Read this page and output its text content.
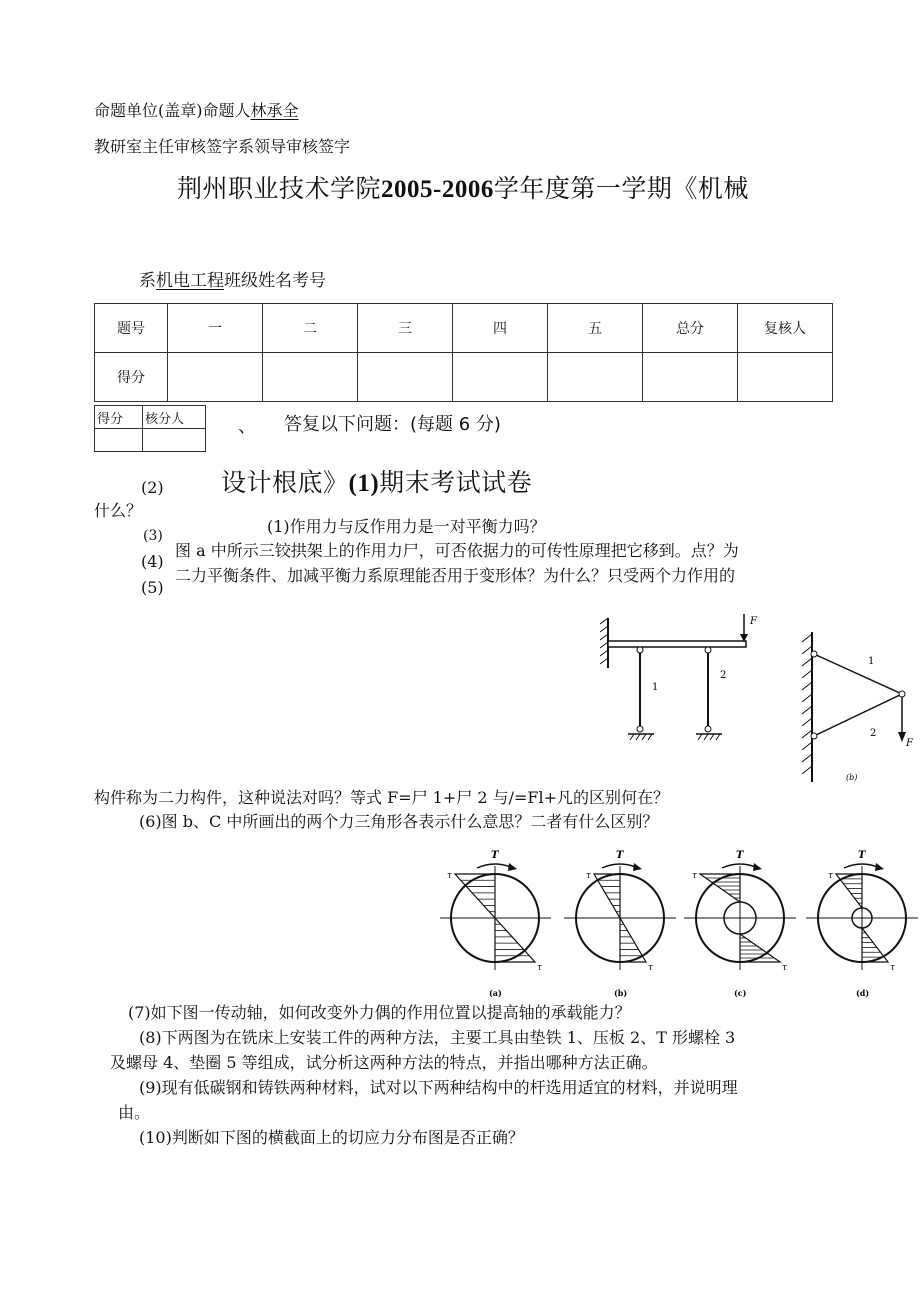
命题单位(盖章)命题人林承全
教研室主任审核签字系领导审核签字
荆州职业技术学院2005-2006学年度第一学期《机械
系机电工程班级姓名考号
题号	一	二	三	四	五	总分	复核人
得分							
得分	核分人
		、 答复以下问题：(每题 6 分)
(2) 设计根底》(1)期末考试试卷
什么？
(1)作用力与反作用力是一对平衡力吗？
(3)
图 a 中所示三铰拱架上的作用力尸，可否依据力的可传性原理把它移到。点？为
(4)
二力平衡条件、加减平衡力系原理能否用于变形体？为什么？只受两个力作用的
(5)
F
1
2
F
1
2
(b)
构件称为二力构件，这种说法对吗？等式 F=尸 1+尸 2 与/=Fl+凡的区别何在？
(6)图 b、C 中所画出的两个力三角形各表示什么意思？二者有什么区别？
T
τ
τ
(a)
T
τ
τ
(b)
T
τ
τ
(c)
T
τ
τ
(d)
(7)如下图一传动轴，如何改变外力偶的作用位置以提高轴的承载能力？
(8)下两图为在铣床上安装工件的两种方法，主要工具由垫铁 1、压板 2、T 形螺栓 3
及螺母 4、垫圈 5 等组成，试分析这两种方法的特点，并指出哪种方法正确。
(9)现有低碳钢和铸铁两种材料，试对以下两种结构中的杆选用适宜的材料，并说明理
由。
(10)判断如下图的横截面上的切应力分布图是否正确？
